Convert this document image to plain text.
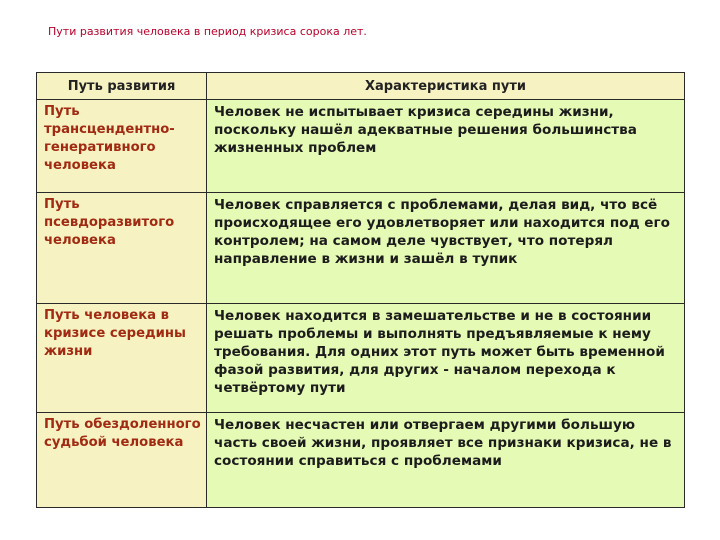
Пути развития человека в период кризиса сорока лет.
Путь развития	Характеристика пути
Путь трансцендентно-генеративного человека	Человек не испытывает кризиса середины жизни, поскольку нашёл адекватные решения большинства жизненных проблем
Путь псевдоразвитого человека	Человек справляется с проблемами, делая вид, что всё происходящее его удовлетворяет или находится под его контролем; на самом деле чувствует, что потерял направление в жизни и зашёл в тупик
Путь человека в кризисе середины жизни	Человек находится в замешательстве и не в состоянии решать проблемы и выполнять предъявляемые к нему требования. Для одних этот путь может быть временной фазой развития, для других - началом перехода к четвёртому пути
Путь обездоленного судьбой человека	Человек несчастен или отвергаем другими большую часть своей жизни, проявляет все признаки кризиса, не в состоянии справиться с проблемами
